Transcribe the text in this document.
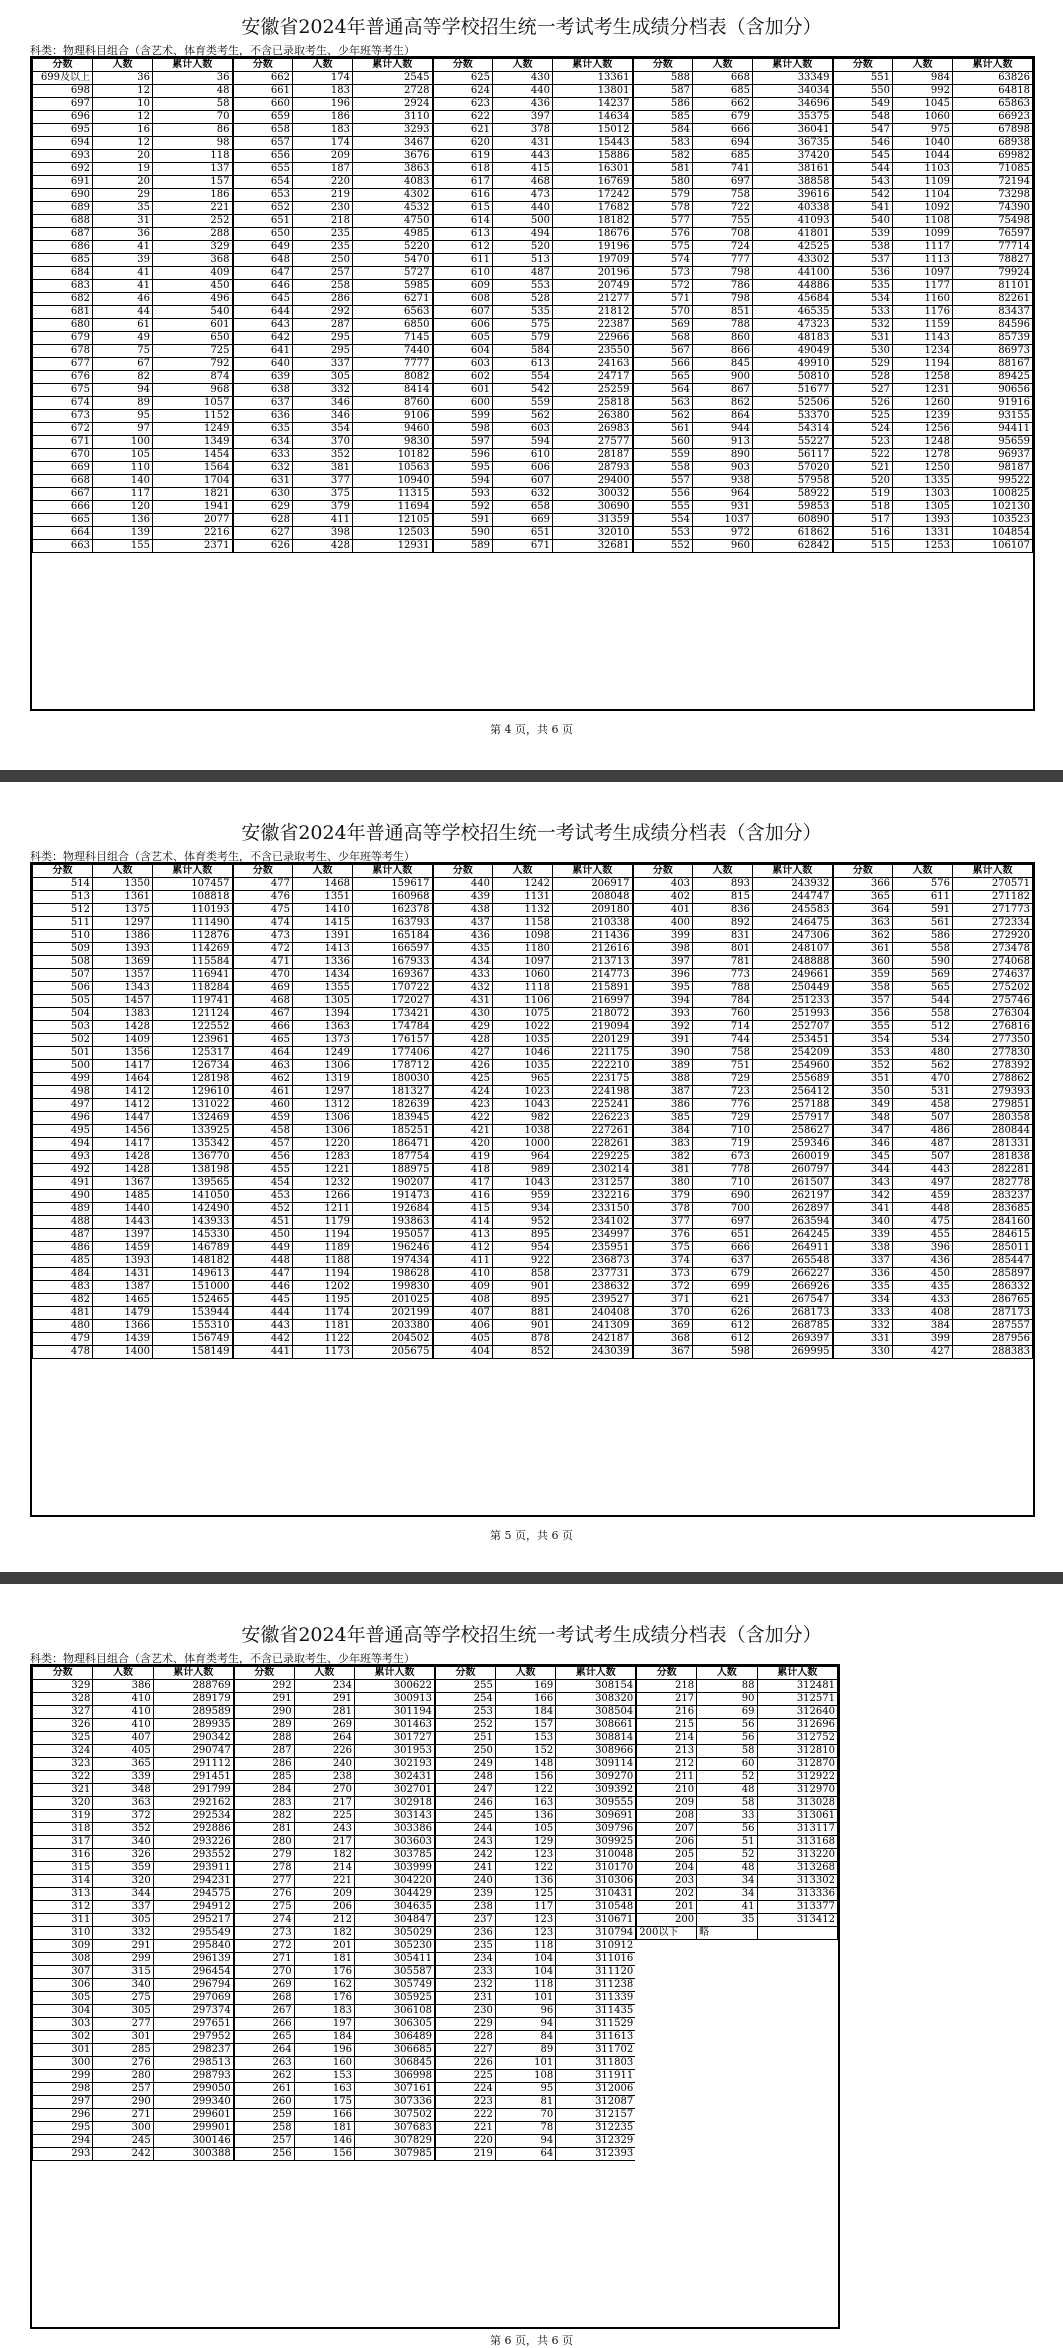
安徽省2024年普通高等学校招生统一考试考生成绩分档表（含加分）
科类：物理科目组合（含艺术、体育类考生，不含已录取考生、少年班等考生）
分数	人数	累计人数	分数	人数	累计人数	分数	人数	累计人数	分数	人数	累计人数	分数	人数	累计人数
699及以上	36	36	662	174	2545	625	430	13361	588	668	33349	551	984	63826
698	12	48	661	183	2728	624	440	13801	587	685	34034	550	992	64818
697	10	58	660	196	2924	623	436	14237	586	662	34696	549	1045	65863
696	12	70	659	186	3110	622	397	14634	585	679	35375	548	1060	66923
695	16	86	658	183	3293	621	378	15012	584	666	36041	547	975	67898
694	12	98	657	174	3467	620	431	15443	583	694	36735	546	1040	68938
693	20	118	656	209	3676	619	443	15886	582	685	37420	545	1044	69982
692	19	137	655	187	3863	618	415	16301	581	741	38161	544	1103	71085
691	20	157	654	220	4083	617	468	16769	580	697	38858	543	1109	72194
690	29	186	653	219	4302	616	473	17242	579	758	39616	542	1104	73298
689	35	221	652	230	4532	615	440	17682	578	722	40338	541	1092	74390
688	31	252	651	218	4750	614	500	18182	577	755	41093	540	1108	75498
687	36	288	650	235	4985	613	494	18676	576	708	41801	539	1099	76597
686	41	329	649	235	5220	612	520	19196	575	724	42525	538	1117	77714
685	39	368	648	250	5470	611	513	19709	574	777	43302	537	1113	78827
684	41	409	647	257	5727	610	487	20196	573	798	44100	536	1097	79924
683	41	450	646	258	5985	609	553	20749	572	786	44886	535	1177	81101
682	46	496	645	286	6271	608	528	21277	571	798	45684	534	1160	82261
681	44	540	644	292	6563	607	535	21812	570	851	46535	533	1176	83437
680	61	601	643	287	6850	606	575	22387	569	788	47323	532	1159	84596
679	49	650	642	295	7145	605	579	22966	568	860	48183	531	1143	85739
678	75	725	641	295	7440	604	584	23550	567	866	49049	530	1234	86973
677	67	792	640	337	7777	603	613	24163	566	845	49910	529	1194	88167
676	82	874	639	305	8082	602	554	24717	565	900	50810	528	1258	89425
675	94	968	638	332	8414	601	542	25259	564	867	51677	527	1231	90656
674	89	1057	637	346	8760	600	559	25818	563	862	52506	526	1260	91916
673	95	1152	636	346	9106	599	562	26380	562	864	53370	525	1239	93155
672	97	1249	635	354	9460	598	603	26983	561	944	54314	524	1256	94411
671	100	1349	634	370	9830	597	594	27577	560	913	55227	523	1248	95659
670	105	1454	633	352	10182	596	610	28187	559	890	56117	522	1278	96937
669	110	1564	632	381	10563	595	606	28793	558	903	57020	521	1250	98187
668	140	1704	631	377	10940	594	607	29400	557	938	57958	520	1335	99522
667	117	1821	630	375	11315	593	632	30032	556	964	58922	519	1303	100825
666	120	1941	629	379	11694	592	658	30690	555	931	59853	518	1305	102130
665	136	2077	628	411	12105	591	669	31359	554	1037	60890	517	1393	103523
664	139	2216	627	398	12503	590	651	32010	553	972	61862	516	1331	104854
663	155	2371	626	428	12931	589	671	32681	552	960	62842	515	1253	106107
第 4 页，共 6 页
安徽省2024年普通高等学校招生统一考试考生成绩分档表（含加分）
科类：物理科目组合（含艺术、体育类考生，不含已录取考生、少年班等考生）
分数	人数	累计人数	分数	人数	累计人数	分数	人数	累计人数	分数	人数	累计人数	分数	人数	累计人数
514	1350	107457	477	1468	159617	440	1242	206917	403	893	243932	366	576	270571
513	1361	108818	476	1351	160968	439	1131	208048	402	815	244747	365	611	271182
512	1375	110193	475	1410	162378	438	1132	209180	401	836	245583	364	591	271773
511	1297	111490	474	1415	163793	437	1158	210338	400	892	246475	363	561	272334
510	1386	112876	473	1391	165184	436	1098	211436	399	831	247306	362	586	272920
509	1393	114269	472	1413	166597	435	1180	212616	398	801	248107	361	558	273478
508	1369	115584	471	1336	167933	434	1097	213713	397	781	248888	360	590	274068
507	1357	116941	470	1434	169367	433	1060	214773	396	773	249661	359	569	274637
506	1343	118284	469	1355	170722	432	1118	215891	395	788	250449	358	565	275202
505	1457	119741	468	1305	172027	431	1106	216997	394	784	251233	357	544	275746
504	1383	121124	467	1394	173421	430	1075	218072	393	760	251993	356	558	276304
503	1428	122552	466	1363	174784	429	1022	219094	392	714	252707	355	512	276816
502	1409	123961	465	1373	176157	428	1035	220129	391	744	253451	354	534	277350
501	1356	125317	464	1249	177406	427	1046	221175	390	758	254209	353	480	277830
500	1417	126734	463	1306	178712	426	1035	222210	389	751	254960	352	562	278392
499	1464	128198	462	1319	180030	425	965	223175	388	729	255689	351	470	278862
498	1412	129610	461	1297	181327	424	1023	224198	387	723	256412	350	531	279393
497	1412	131022	460	1312	182639	423	1043	225241	386	776	257188	349	458	279851
496	1447	132469	459	1306	183945	422	982	226223	385	729	257917	348	507	280358
495	1456	133925	458	1306	185251	421	1038	227261	384	710	258627	347	486	280844
494	1417	135342	457	1220	186471	420	1000	228261	383	719	259346	346	487	281331
493	1428	136770	456	1283	187754	419	964	229225	382	673	260019	345	507	281838
492	1428	138198	455	1221	188975	418	989	230214	381	778	260797	344	443	282281
491	1367	139565	454	1232	190207	417	1043	231257	380	710	261507	343	497	282778
490	1485	141050	453	1266	191473	416	959	232216	379	690	262197	342	459	283237
489	1440	142490	452	1211	192684	415	934	233150	378	700	262897	341	448	283685
488	1443	143933	451	1179	193863	414	952	234102	377	697	263594	340	475	284160
487	1397	145330	450	1194	195057	413	895	234997	376	651	264245	339	455	284615
486	1459	146789	449	1189	196246	412	954	235951	375	666	264911	338	396	285011
485	1393	148182	448	1188	197434	411	922	236873	374	637	265548	337	436	285447
484	1431	149613	447	1194	198628	410	858	237731	373	679	266227	336	450	285897
483	1387	151000	446	1202	199830	409	901	238632	372	699	266926	335	435	286332
482	1465	152465	445	1195	201025	408	895	239527	371	621	267547	334	433	286765
481	1479	153944	444	1174	202199	407	881	240408	370	626	268173	333	408	287173
480	1366	155310	443	1181	203380	406	901	241309	369	612	268785	332	384	287557
479	1439	156749	442	1122	204502	405	878	242187	368	612	269397	331	399	287956
478	1400	158149	441	1173	205675	404	852	243039	367	598	269995	330	427	288383
第 5 页，共 6 页
安徽省2024年普通高等学校招生统一考试考生成绩分档表（含加分）
科类：物理科目组合（含艺术、体育类考生，不含已录取考生、少年班等考生）
分数	人数	累计人数	分数	人数	累计人数	分数	人数	累计人数	分数	人数	累计人数
329	386	288769	292	234	300622	255	169	308154	218	88	312481
328	410	289179	291	291	300913	254	166	308320	217	90	312571
327	410	289589	290	281	301194	253	184	308504	216	69	312640
326	410	289935	289	269	301463	252	157	308661	215	56	312696
325	407	290342	288	264	301727	251	153	308814	214	56	312752
324	405	290747	287	226	301953	250	152	308966	213	58	312810
323	365	291112	286	240	302193	249	148	309114	212	60	312870
322	339	291451	285	238	302431	248	156	309270	211	52	312922
321	348	291799	284	270	302701	247	122	309392	210	48	312970
320	363	292162	283	217	302918	246	163	309555	209	58	313028
319	372	292534	282	225	303143	245	136	309691	208	33	313061
318	352	292886	281	243	303386	244	105	309796	207	56	313117
317	340	293226	280	217	303603	243	129	309925	206	51	313168
316	326	293552	279	182	303785	242	123	310048	205	52	313220
315	359	293911	278	214	303999	241	122	310170	204	48	313268
314	320	294231	277	221	304220	240	136	310306	203	34	313302
313	344	294575	276	209	304429	239	125	310431	202	34	313336
312	337	294912	275	206	304635	238	117	310548	201	41	313377
311	305	295217	274	212	304847	237	123	310671	200	35	313412
310	332	295549	273	182	305029	236	123	310794	200以下	略	
309	291	295840	272	201	305230	235	118	310912			
308	299	296139	271	181	305411	234	104	311016			
307	315	296454	270	176	305587	233	104	311120			
306	340	296794	269	162	305749	232	118	311238			
305	275	297069	268	176	305925	231	101	311339			
304	305	297374	267	183	306108	230	96	311435			
303	277	297651	266	197	306305	229	94	311529			
302	301	297952	265	184	306489	228	84	311613			
301	285	298237	264	196	306685	227	89	311702			
300	276	298513	263	160	306845	226	101	311803			
299	280	298793	262	153	306998	225	108	311911			
298	257	299050	261	163	307161	224	95	312006			
297	290	299340	260	175	307336	223	81	312087			
296	271	299601	259	166	307502	222	70	312157			
295	300	299901	258	181	307683	221	78	312235			
294	245	300146	257	146	307829	220	94	312329			
293	242	300388	256	156	307985	219	64	312393			
第 6 页，共 6 页
